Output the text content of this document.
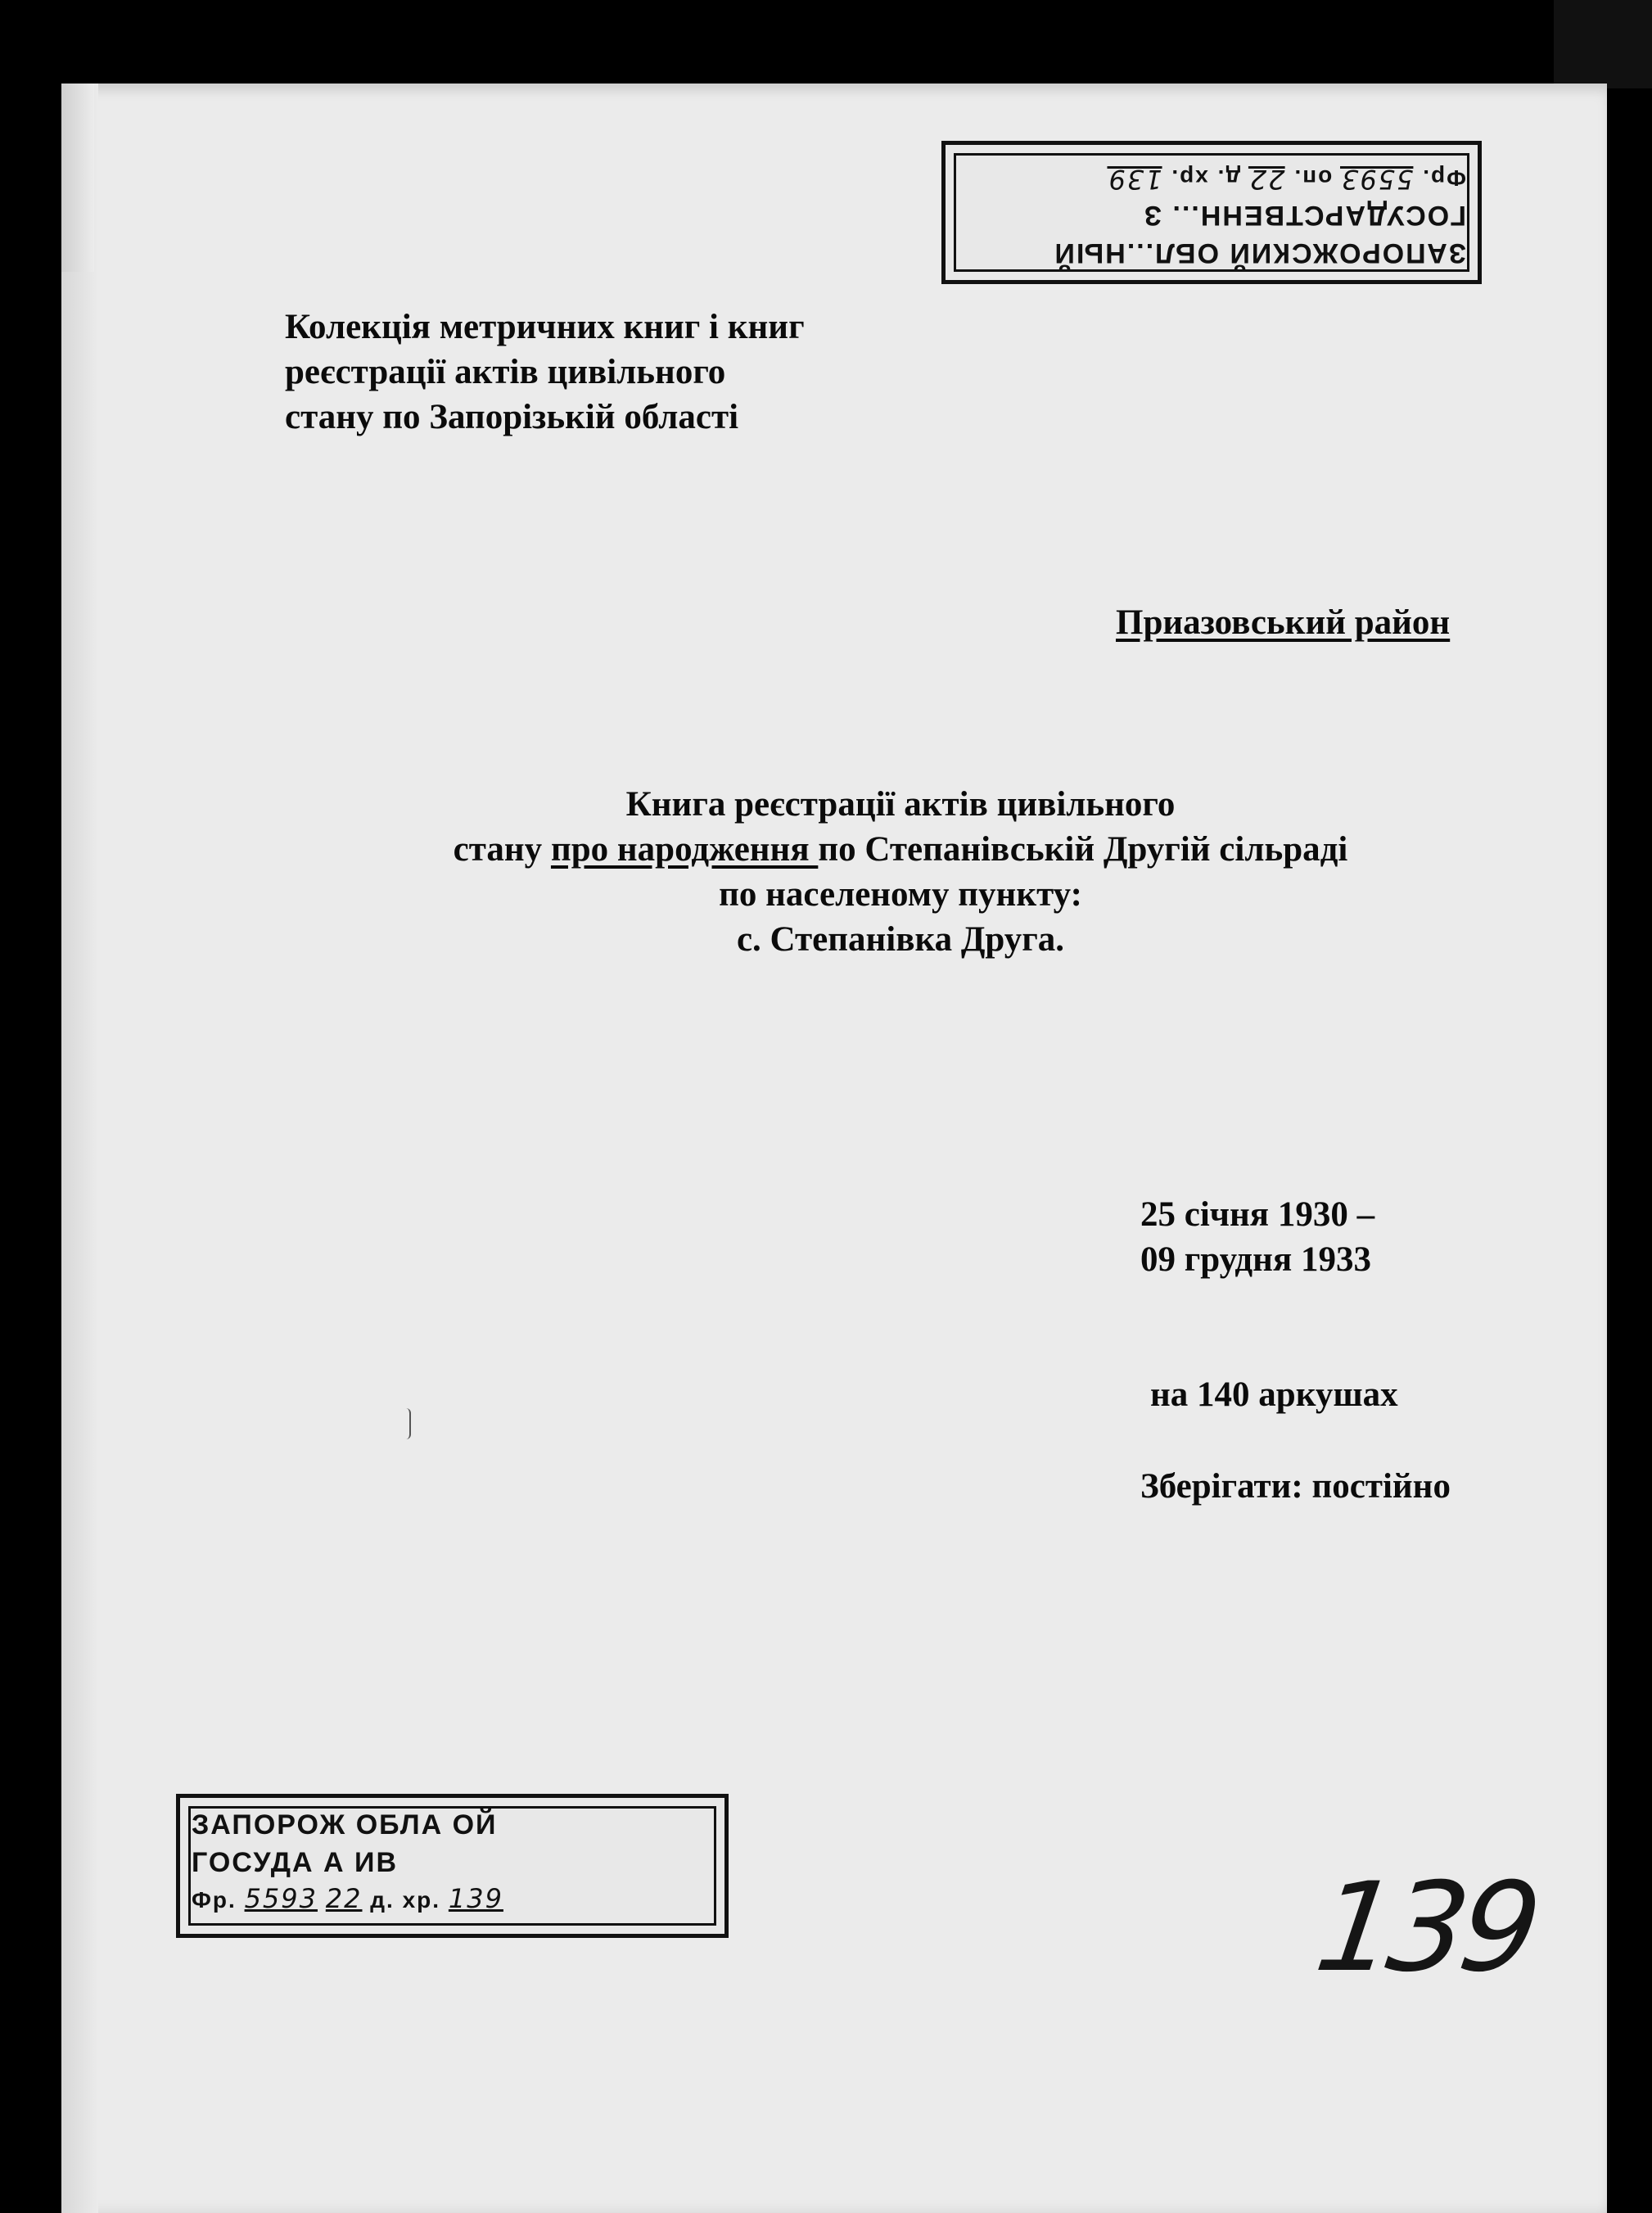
ЗАПОРОЖСКИЙ ОБЛ...НЫЙ
ГОСУДАРСТВЕНН... З
Фр. 5593 оп. 22 д. хр. 139
Колекція метричних книг і книг
реєстрації актів цивільного
стану по Запорізькій області
Приазовський район
Книга реєстрації актів цивільного
стану про народження по Степанівській Другій сільраді
по населеному пункту:
с. Степанівка Друга.
25 січня 1930 –
09 грудня 1933
на 140 аркушах
Зберігати: постійно
ЗАПОРОЖ ОБЛА ОЙ
ГОСУДА А ИВ
Фр. 5593 22 д. хр. 139	139
